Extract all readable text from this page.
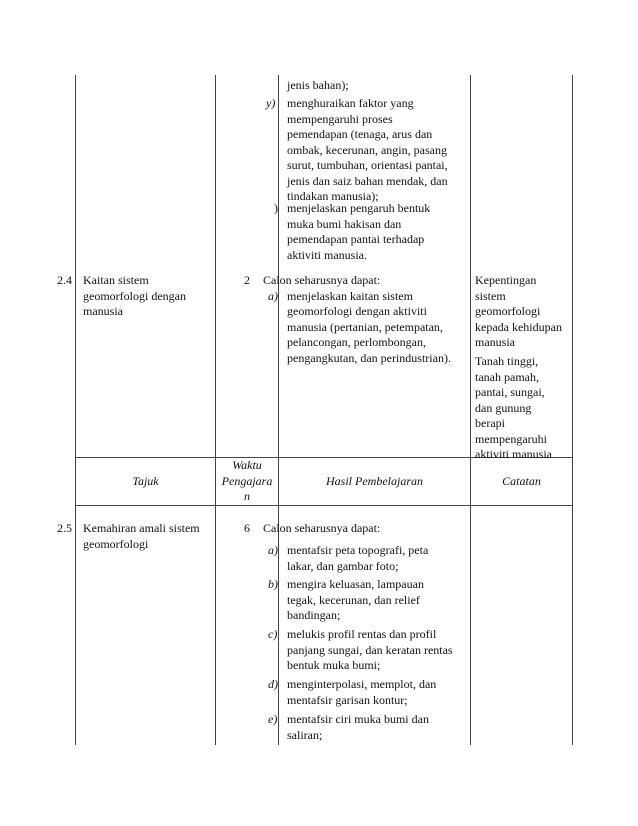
jenis bahan);
y) menghuraikan faktor yang
mempengaruhi proses
pemendapan (tenaga, arus dan
ombak, kecerunan, angin, pasang
surut, tumbuhan, orientasi pantai,
jenis dan saiz bahan mendak, dan
tindakan manusia);
) menjelaskan pengaruh bentuk
muka bumi hakisan dan
pemendapan pantai terhadap
aktiviti manusia.
2.4 Kaitan sistem
geomorfologi dengan
manusia
2 Calon seharusnya dapat:
a) menjelaskan kaitan sistem
geomorfologi dengan aktiviti
manusia (pertanian, petempatan,
pelancongan, perlombongan,
pengangkutan, dan perindustrian).
Kepentingan
sistem
geomorfologi
kepada kehidupan
manusia
Tanah tinggi,
tanah pamah,
pantai, sungai,
dan gunung
berapi
mempengaruhi
aktiviti manusia
Tajuk
Waktu
Pengajara
n
Hasil Pembelajaran	Catatan
2.5 Kemahiran amali sistem
geomorfologi
6 Calon seharusnya dapat:
a) mentafsir peta topografi, peta
lakar, dan gambar foto;
b) mengira keluasan, lampauan
tegak, kecerunan, dan relief
bandingan;
c) melukis profil rentas dan profil
panjang sungai, dan keratan rentas
bentuk muka bumi;
d) menginterpolasi, memplot, dan
mentafsir garisan kontur;
e) mentafsir ciri muka bumi dan
saliran;
